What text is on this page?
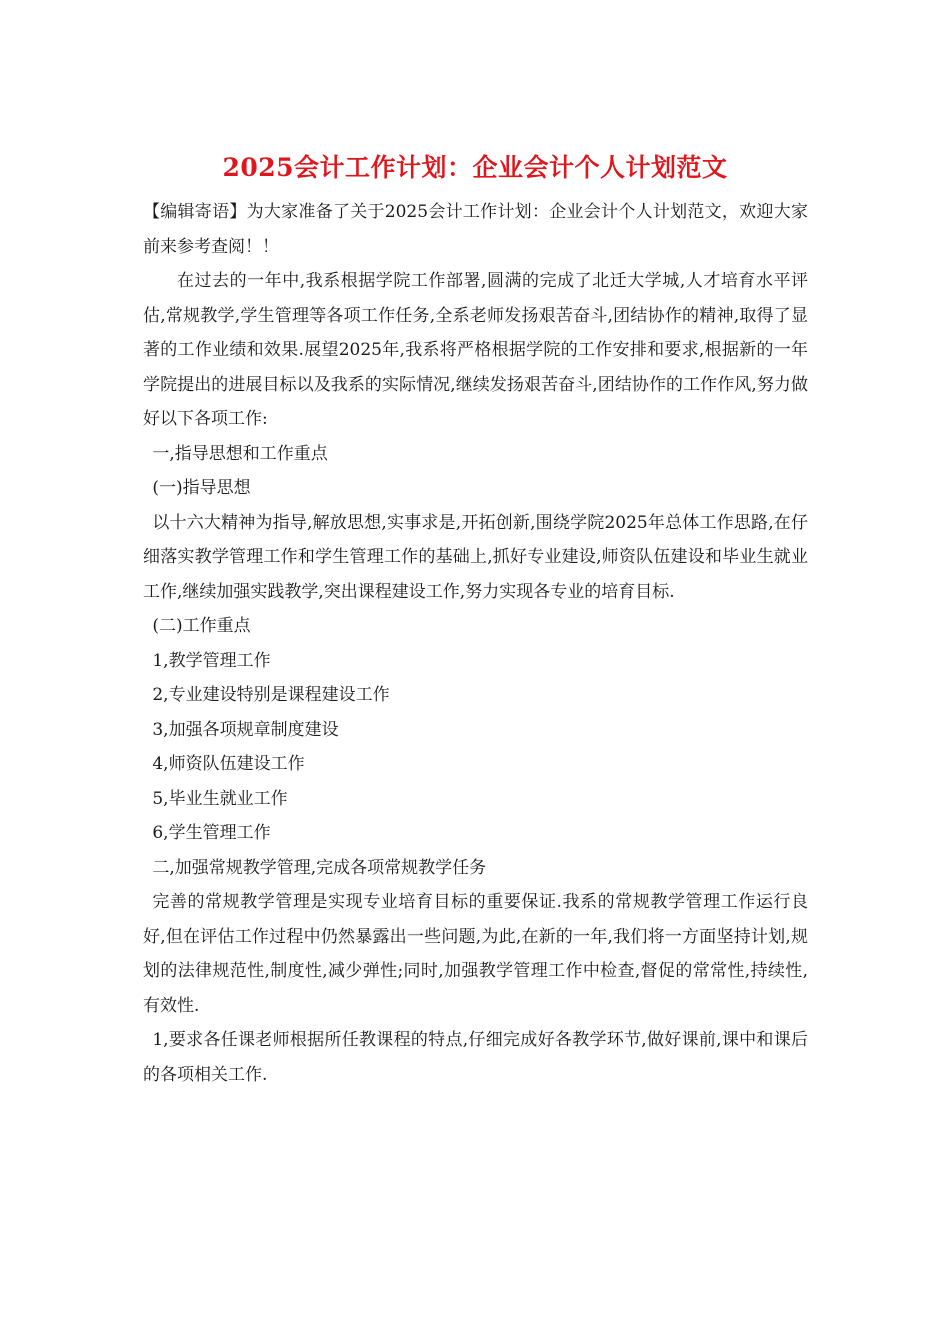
2025会计工作计划：企业会计个人计划范文

【编辑寄语】为大家准备了关于2025会计工作计划：企业会计个人计划范文，欢迎大家前来参考查阅！！

在过去的一年中,我系根据学院工作部署,圆满的完成了北迁大学城,人才培育水平评估,常规教学,学生管理等各项工作任务,全系老师发扬艰苦奋斗,团结协作的精神,取得了显著的工作业绩和效果.展望2025年,我系将严格根据学院的工作安排和要求,根据新的一年学院提出的进展目标以及我系的实际情况,继续发扬艰苦奋斗,团结协作的工作作风,努力做好以下各项工作:

一,指导思想和工作重点

(一)指导思想

以十六大精神为指导,解放思想,实事求是,开拓创新,围绕学院2025年总体工作思路,在仔细落实教学管理工作和学生管理工作的基础上,抓好专业建设,师资队伍建设和毕业生就业工作,继续加强实践教学,突出课程建设工作,努力实现各专业的培育目标.

(二)工作重点

1,教学管理工作

2,专业建设特别是课程建设工作

3,加强各项规章制度建设

4,师资队伍建设工作

5,毕业生就业工作

6,学生管理工作

二,加强常规教学管理,完成各项常规教学任务

完善的常规教学管理是实现专业培育目标的重要保证.我系的常规教学管理工作运行良好,但在评估工作过程中仍然暴露出一些问题,为此,在新的一年,我们将一方面坚持计划,规划的法律规范性,制度性,减少弹性;同时,加强教学管理工作中检查,督促的常常性,持续性,有效性.

1,要求各任课老师根据所任教课程的特点,仔细完成好各教学环节,做好课前,课中和课后的各项相关工作.
